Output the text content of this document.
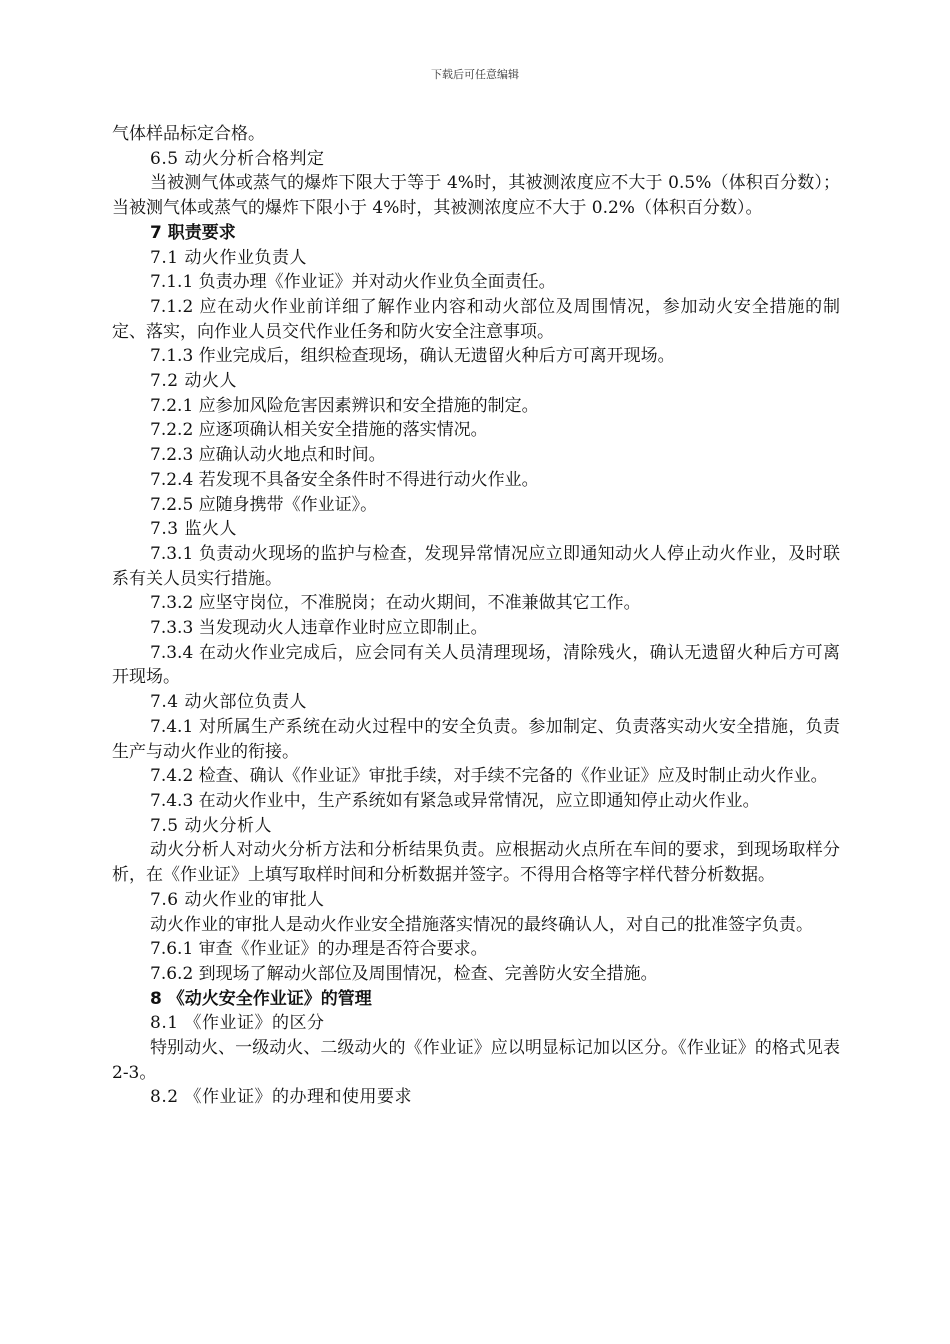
下载后可任意编辑

气体样品标定合格。

6.5 动火分析合格判定

当被测气体或蒸气的爆炸下限大于等于 4%时，其被测浓度应不大于 0.5%（体积百分数）；当被测气体或蒸气的爆炸下限小于 4%时，其被测浓度应不大于 0.2%（体积百分数）。

7 职责要求

7.1 动火作业负责人

7.1.1 负责办理《作业证》并对动火作业负全面责任。

7.1.2 应在动火作业前详细了解作业内容和动火部位及周围情况，参加动火安全措施的制定、落实，向作业人员交代作业任务和防火安全注意事项。

7.1.3 作业完成后，组织检查现场，确认无遗留火种后方可离开现场。

7.2 动火人

7.2.1 应参加风险危害因素辨识和安全措施的制定。

7.2.2 应逐项确认相关安全措施的落实情况。

7.2.3 应确认动火地点和时间。

7.2.4 若发现不具备安全条件时不得进行动火作业。

7.2.5 应随身携带《作业证》。

7.3 监火人

7.3.1 负责动火现场的监护与检查，发现异常情况应立即通知动火人停止动火作业，及时联系有关人员实行措施。

7.3.2 应坚守岗位，不准脱岗；在动火期间，不准兼做其它工作。

7.3.3 当发现动火人违章作业时应立即制止。

7.3.4 在动火作业完成后，应会同有关人员清理现场，清除残火，确认无遗留火种后方可离开现场。

7.4 动火部位负责人

7.4.1 对所属生产系统在动火过程中的安全负责。参加制定、负责落实动火安全措施，负责生产与动火作业的衔接。

7.4.2 检查、确认《作业证》审批手续，对手续不完备的《作业证》应及时制止动火作业。

7.4.3 在动火作业中，生产系统如有紧急或异常情况，应立即通知停止动火作业。

7.5 动火分析人

动火分析人对动火分析方法和分析结果负责。应根据动火点所在车间的要求，到现场取样分析，在《作业证》上填写取样时间和分析数据并签字。不得用合格等字样代替分析数据。

7.6 动火作业的审批人

动火作业的审批人是动火作业安全措施落实情况的最终确认人，对自己的批准签字负责。

7.6.1 审查《作业证》的办理是否符合要求。

7.6.2 到现场了解动火部位及周围情况，检查、完善防火安全措施。

8 《动火安全作业证》的管理

8.1 《作业证》的区分

特别动火、一级动火、二级动火的《作业证》应以明显标记加以区分。《作业证》的格式见表 2-3。

8.2 《作业证》的办理和使用要求
